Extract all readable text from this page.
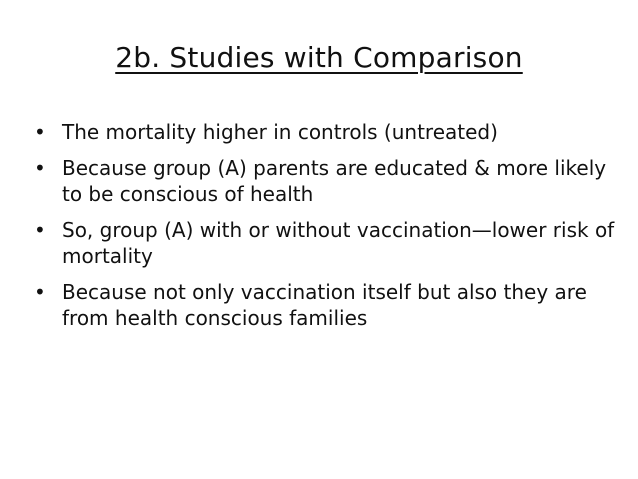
2b. Studies with Comparison
• The mortality higher in controls (untreated)
• Because group (A) parents are educated & more likely to be conscious of health
• So, group (A) with or without vaccination—lower risk of mortality
• Because not only vaccination itself but also they are from health conscious families
